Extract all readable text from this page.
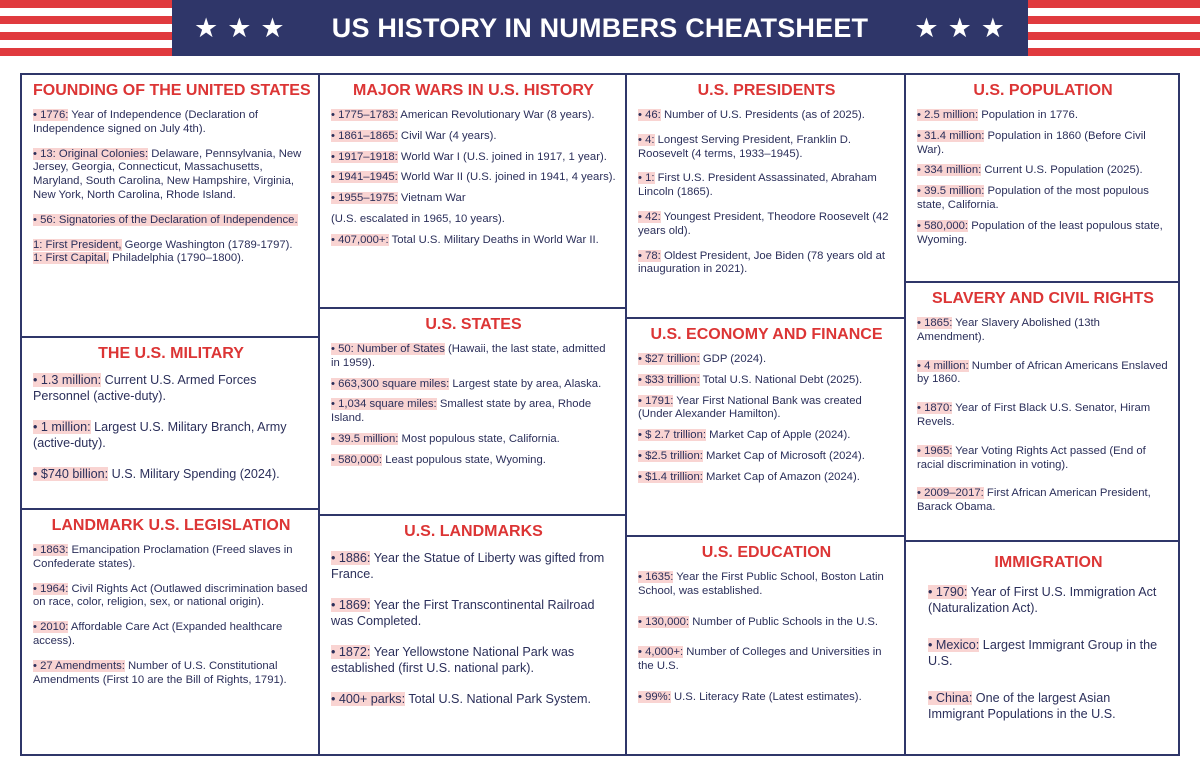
★★★ US HISTORY IN NUMBERS CHEATSHEET ★★★
FOUNDING OF THE UNITED STATES

• 1776: Year of Independence (Declaration of Independence signed on July 4th).

• 13: Original Colonies: Delaware, Pennsylvania, New Jersey, Georgia, Connecticut, Massachusetts, Maryland, South Carolina, New Hampshire, Virginia, New York, North Carolina, Rhode Island.

• 56: Signatories of the Declaration of Independence.

1: First President, George Washington (1789-1797).

1: First Capital, Philadelphia (1790–1800).

THE U.S. MILITARY

• 1.3 million: Current U.S. Armed Forces Personnel (active-duty).

• 1 million: Largest U.S. Military Branch, Army (active-duty).

• $740 billion: U.S. Military Spending (2024).

LANDMARK U.S. LEGISLATION

• 1863: Emancipation Proclamation (Freed slaves in Confederate states).

• 1964: Civil Rights Act (Outlawed discrimination based on race, color, religion, sex, or national origin).

• 2010: Affordable Care Act (Expanded healthcare access).

• 27 Amendments: Number of U.S. Constitutional Amendments (First 10 are the Bill of Rights, 1791).

MAJOR WARS IN U.S. HISTORY

• 1775–1783: American Revolutionary War (8 years).

• 1861–1865: Civil War (4 years).

• 1917–1918: World War I (U.S. joined in 1917, 1 year).

• 1941–1945: World War II (U.S. joined in 1941, 4 years).

• 1955–1975: Vietnam War

(U.S. escalated in 1965, 10 years).

• 407,000+: Total U.S. Military Deaths in World War II.

U.S. STATES

• 50: Number of States (Hawaii, the last state, admitted in 1959).

• 663,300 square miles: Largest state by area, Alaska.

• 1,034 square miles: Smallest state by area, Rhode Island.

• 39.5 million: Most populous state, California.

• 580,000: Least populous state, Wyoming.

U.S. LANDMARKS

• 1886: Year the Statue of Liberty was gifted from France.

• 1869: Year the First Transcontinental Railroad was Completed.

• 1872: Year Yellowstone National Park was established (first U.S. national park).

• 400+ parks: Total U.S. National Park System.

U.S. PRESIDENTS

• 46: Number of U.S. Presidents (as of 2025).

• 4: Longest Serving President, Franklin D. Roosevelt (4 terms, 1933–1945).

• 1: First U.S. President Assassinated, Abraham Lincoln (1865).

• 42: Youngest President, Theodore Roosevelt (42 years old).

• 78: Oldest President, Joe Biden (78 years old at inauguration in 2021).

U.S. ECONOMY AND FINANCE

• $27 trillion: GDP (2024).

• $33 trillion: Total U.S. National Debt (2025).

• 1791: Year First National Bank was created (Under Alexander Hamilton).

• $ 2.7 trillion: Market Cap of Apple (2024).

• $2.5 trillion: Market Cap of Microsoft (2024).

• $1.4 trillion: Market Cap of Amazon (2024).

U.S. EDUCATION

• 1635: Year the First Public School, Boston Latin School, was established.

• 130,000: Number of Public Schools in the U.S.

• 4,000+: Number of Colleges and Universities in the U.S.

• 99%: U.S. Literacy Rate (Latest estimates).

U.S. POPULATION

• 2.5 million: Population in 1776.

• 31.4 million: Population in 1860 (Before Civil War).

• 334 million: Current U.S. Population (2025).

• 39.5 million: Population of the most populous state, California.

• 580,000: Population of the least populous state, Wyoming.

SLAVERY AND CIVIL RIGHTS

• 1865: Year Slavery Abolished (13th Amendment).

• 4 million: Number of African Americans Enslaved by 1860.

• 1870: Year of First Black U.S. Senator, Hiram Revels.

• 1965: Year Voting Rights Act passed (End of racial discrimination in voting).

• 2009–2017: First African American President, Barack Obama.

IMMIGRATION

• 1790: Year of First U.S. Immigration Act (Naturalization Act).

• Mexico: Largest Immigrant Group in the U.S.

• China: One of the largest Asian Immigrant Populations in the U.S.
